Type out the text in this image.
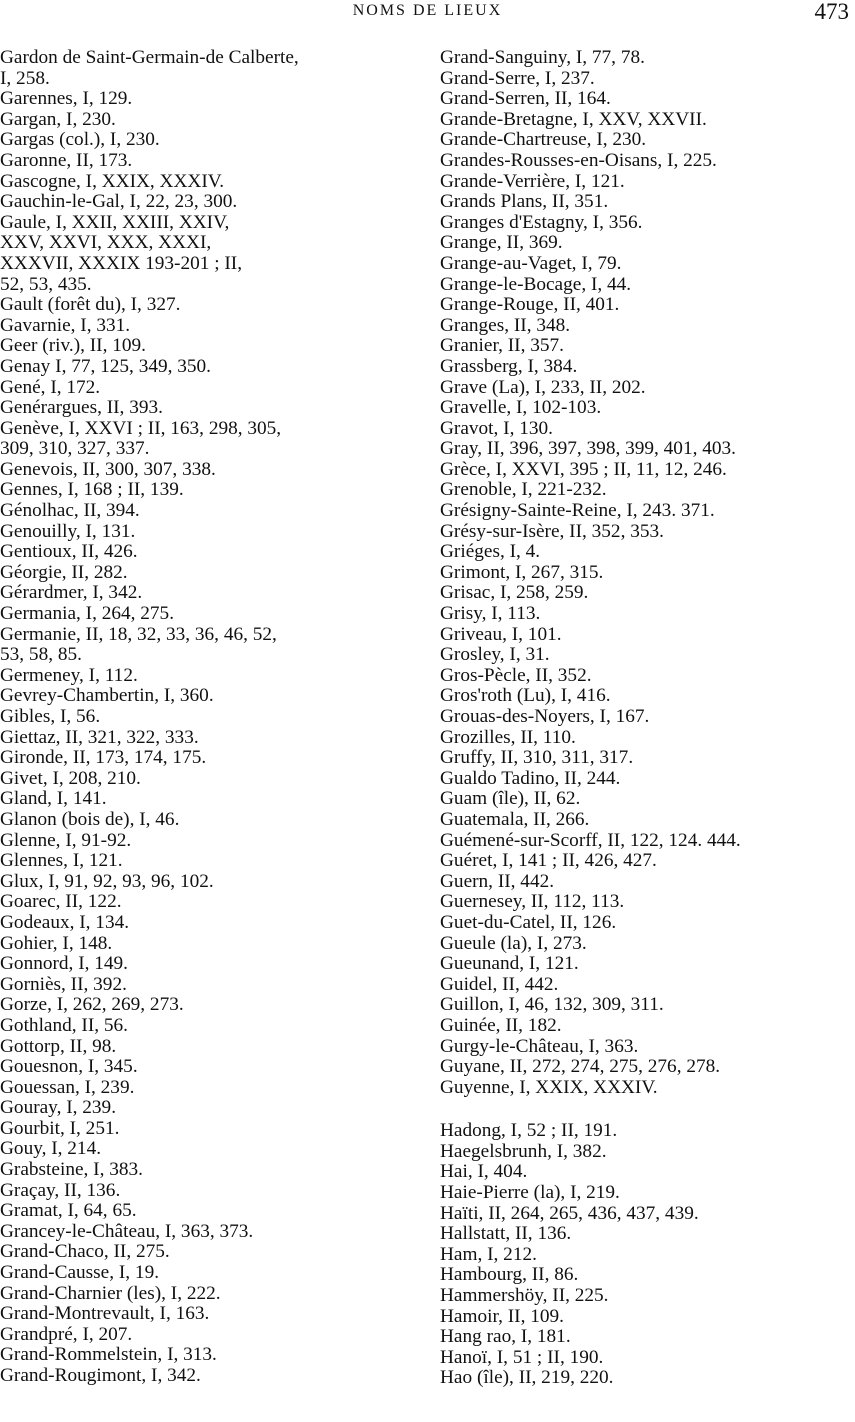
NOMS DE LIEUX	473
Gardon de Saint-Germain-de Calberte,
I, 258.
Garennes, I, 129.
Gargan, I, 230.
Gargas (col.), I, 230.
Garonne, II, 173.
Gascogne, I, XXIX, XXXIV.
Gauchin-le-Gal, I, 22, 23, 300.
Gaule, I, XXII, XXIII, XXIV,
XXV, XXVI, XXX, XXXI,
XXXVII, XXXIX 193-201 ; II,
52, 53, 435.
Gault (forêt du), I, 327.
Gavarnie, I, 331.
Geer (riv.), II, 109.
Genay I, 77, 125, 349, 350.
Gené, I, 172.
Genérargues, II, 393.
Genève, I, XXVI ; II, 163, 298, 305,
309, 310, 327, 337.
Genevois, II, 300, 307, 338.
Gennes, I, 168 ; II, 139.
Génolhac, II, 394.
Genouilly, I, 131.
Gentioux, II, 426.
Géorgie, II, 282.
Gérardmer, I, 342.
Germania, I, 264, 275.
Germanie, II, 18, 32, 33, 36, 46, 52,
53, 58, 85.
Germeney, I, 112.
Gevrey-Chambertin, I, 360.
Gibles, I, 56.
Giettaz, II, 321, 322, 333.
Gironde, II, 173, 174, 175.
Givet, I, 208, 210.
Gland, I, 141.
Glanon (bois de), I, 46.
Glenne, I, 91-92.
Glennes, I, 121.
Glux, I, 91, 92, 93, 96, 102.
Goarec, II, 122.
Godeaux, I, 134.
Gohier, I, 148.
Gonnord, I, 149.
Gorniès, II, 392.
Gorze, I, 262, 269, 273.
Gothland, II, 56.
Gottorp, II, 98.
Gouesnon, I, 345.
Gouessan, I, 239.
Gouray, I, 239.
Gourbit, I, 251.
Gouy, I, 214.
Grabsteine, I, 383.
Graçay, II, 136.
Gramat, I, 64, 65.
Grancey-le-Château, I, 363, 373.
Grand-Chaco, II, 275.
Grand-Causse, I, 19.
Grand-Charnier (les), I, 222.
Grand-Montrevault, I, 163.
Grandpré, I, 207.
Grand-Rommelstein, I, 313.
Grand-Rougimont, I, 342.
Grand-Sanguiny, I, 77, 78.
Grand-Serre, I, 237.
Grand-Serren, II, 164.
Grande-Bretagne, I, XXV, XXVII.
Grande-Chartreuse, I, 230.
Grandes-Rousses-en-Oisans, I, 225.
Grande-Verrière, I, 121.
Grands Plans, II, 351.
Granges d'Estagny, I, 356.
Grange, II, 369.
Grange-au-Vaget, I, 79.
Grange-le-Bocage, I, 44.
Grange-Rouge, II, 401.
Granges, II, 348.
Granier, II, 357.
Grassberg, I, 384.
Grave (La), I, 233, II, 202.
Gravelle, I, 102-103.
Gravot, I, 130.
Gray, II, 396, 397, 398, 399, 401, 403.
Grèce, I, XXVI, 395 ; II, 11, 12, 246.
Grenoble, I, 221-232.
Grésigny-Sainte-Reine, I, 243. 371.
Grésy-sur-Isère, II, 352, 353.
Griéges, I, 4.
Grimont, I, 267, 315.
Grisac, I, 258, 259.
Grisy, I, 113.
Griveau, I, 101.
Grosley, I, 31.
Gros-Pècle, II, 352.
Gros'roth (Lu), I, 416.
Grouas-des-Noyers, I, 167.
Grozilles, II, 110.
Gruffy, II, 310, 311, 317.
Gualdo Tadino, II, 244.
Guam (île), II, 62.
Guatemala, II, 266.
Guémené-sur-Scorff, II, 122, 124. 444.
Guéret, I, 141 ; II, 426, 427.
Guern, II, 442.
Guernesey, II, 112, 113.
Guet-du-Catel, II, 126.
Gueule (la), I, 273.
Gueunand, I, 121.
Guidel, II, 442.
Guillon, I, 46, 132, 309, 311.
Guinée, II, 182.
Gurgy-le-Château, I, 363.
Guyane, II, 272, 274, 275, 276, 278.
Guyenne, I, XXIX, XXXIV.
Hadong, I, 52 ; II, 191.
Haegelsbrunh, I, 382.
Hai, I, 404.
Haie-Pierre (la), I, 219.
Haïti, II, 264, 265, 436, 437, 439.
Hallstatt, II, 136.
Ham, I, 212.
Hambourg, II, 86.
Hammershöy, II, 225.
Hamoir, II, 109.
Hang rao, I, 181.
Hanoï, I, 51 ; II, 190.
Hao (île), II, 219, 220.
